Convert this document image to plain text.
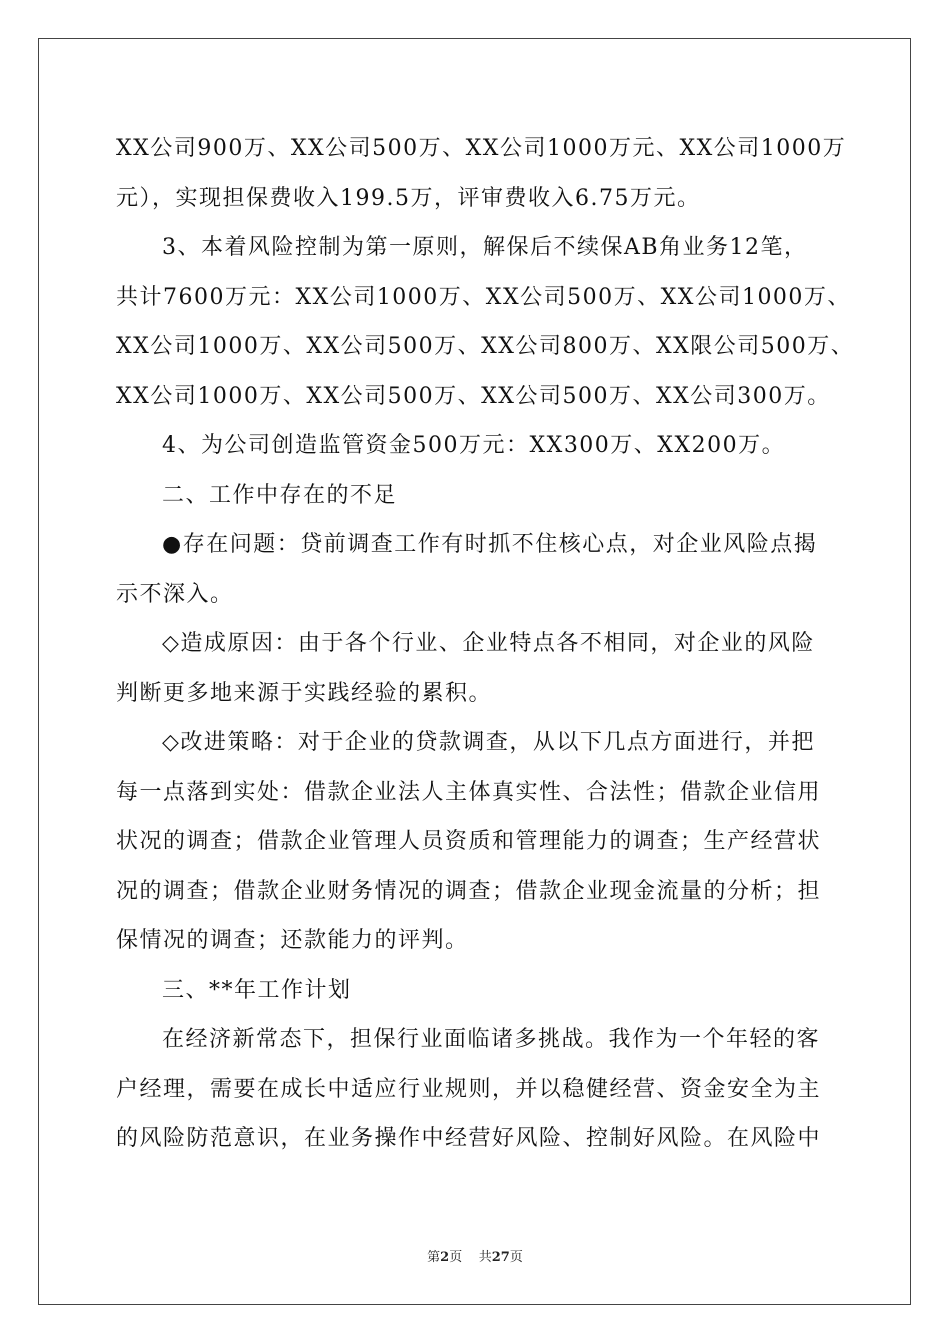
XX公司900万、XX公司500万、XX公司1000万元、XX公司1000万
元），实现担保费收入199.5万，评审费收入6.75万元。
3、本着风险控制为第一原则，解保后不续保AB角业务12笔，
共计7600万元：XX公司1000万、XX公司500万、XX公司1000万、
XX公司1000万、XX公司500万、XX公司800万、XX限公司500万、
XX公司1000万、XX公司500万、XX公司500万、XX公司300万。
4、为公司创造监管资金500万元：XX300万、XX200万。
二、工作中存在的不足
●存在问题：贷前调查工作有时抓不住核心点，对企业风险点揭
示不深入。
◇造成原因：由于各个行业、企业特点各不相同，对企业的风险
判断更多地来源于实践经验的累积。
◇改进策略：对于企业的贷款调查，从以下几点方面进行，并把
每一点落到实处：借款企业法人主体真实性、合法性；借款企业信用
状况的调查；借款企业管理人员资质和管理能力的调查；生产经营状
况的调查；借款企业财务情况的调查；借款企业现金流量的分析；担
保情况的调查；还款能力的评判。
三、**年工作计划
在经济新常态下，担保行业面临诸多挑战。我作为一个年轻的客
户经理，需要在成长中适应行业规则，并以稳健经营、资金安全为主
的风险防范意识，在业务操作中经营好风险、控制好风险。在风险中
第2页    共27页
